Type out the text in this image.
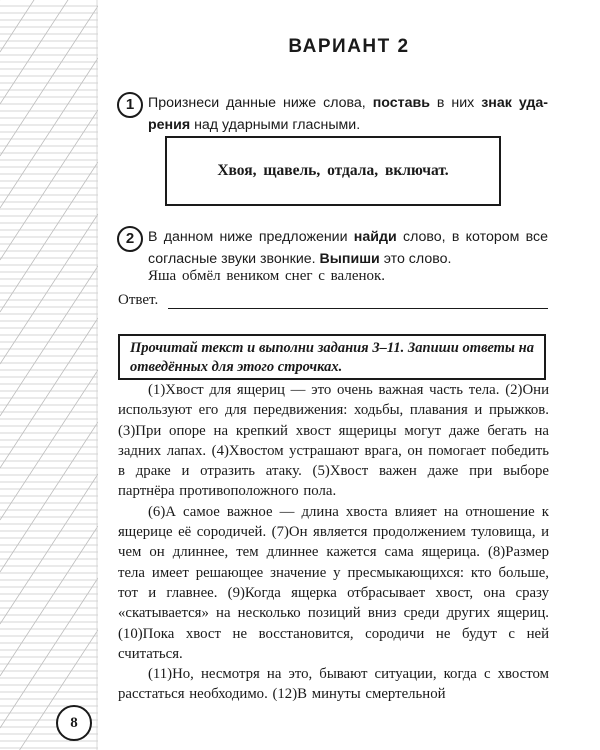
ВАРИАНТ 2
1 Произнеси данные ниже слова, поставь в них знак ударения над ударными гласными.
Хвоя, щавель, отдала, включат.
2 В данном ниже предложении найди слово, в котором все согласные звуки звонкие. Выпиши это слово.
Яша обмёл веником снег с валенок.
Ответ.
Прочитай текст и выполни задания 3–11. Запиши ответы на отведённых для этого строчках.

(1)Хвост для ящериц — это очень важная часть тела. (2)Они используют его для передвижения: ходьбы, плавания и прыжков. (3)При опоре на крепкий хвост ящерицы могут даже бегать на задних лапах. (4)Хвостом устрашают врага, он помогает победить в драке и отразить атаку. (5)Хвост важен даже при выборе партнёра противоположного пола.

(6)А самое важное — длина хвоста влияет на отношение к ящерице её сородичей. (7)Он является продолжением туловища, и чем он длиннее, тем длиннее кажется сама ящерица. (8)Размер тела имеет решающее значение у пресмыкающихся: кто больше, тот и главнее. (9)Когда ящерка отбрасывает хвост, она сразу «скатывается» на несколько позиций вниз среди других ящериц. (10)Пока хвост не восстановится, сородичи не будут с ней считаться.

(11)Но, несмотря на это, бывают ситуации, когда с хвостом расстаться необходимо. (12)В минуты смертельной

8
